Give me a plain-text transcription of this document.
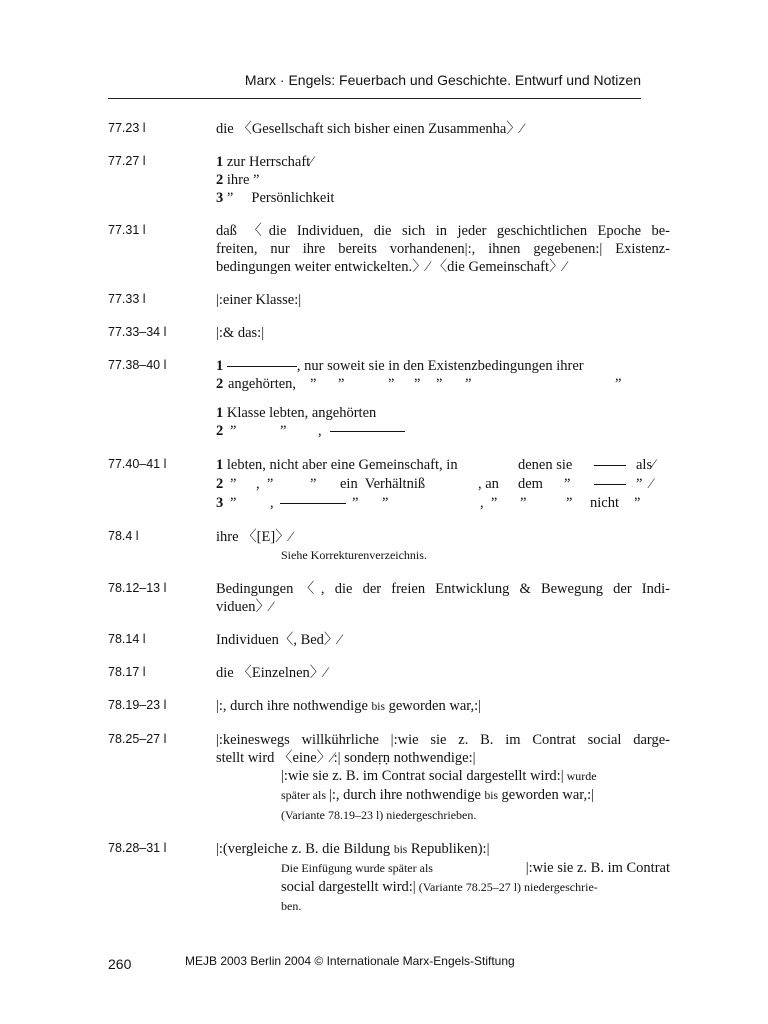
Marx · Engels: Feuerbach und Geschichte. Entwurf und Notizen
77.23 l	die 〈Gesellschaft sich bisher einen Zusammenha〉⁄
77.27 l	1 zur Herrschaft⁄
2 ihre ”
3 ”     Persönlichkeit
77.31 l	daß 〈die Individuen, die sich in jeder geschichtlichen Epoche be-
freiten, nur ihre bereits vorhandenen|:, ihnen gegebenen:| Existenz-
bedingungen weiter entwickelten.〉⁄ 〈die Gemeinschaft〉⁄
77.33 l	|:einer Klasse:|
77.33–34 l	|:& das:|
77.38–40 l	1	, nur soweit sie in den Existenzbedingungen ihrer
2	angehörten,	”	”	”	”	”	”	”
1 Klasse lebten, angehörten
2	”	”	,	
77.40–41 l	1 lebten, nicht aber eine Gemeinschaft, in	denen sie		als⁄
2	”	,  ”	”	ein  Verhältniß	, an	dem	”		”	⁄
3	”	,		”	”	,  ”	”	”	nicht	”
78.4 l	ihre 〈[E]〉⁄
Siehe Korrekturenverzeichnis.
78.12–13 l	Bedingungen〈, die der freien Entwicklung & Bewegung der Indi-
viduen〉⁄
78.14 l	Individuen〈, Bed〉⁄
78.17 l	die 〈Einzelnen〉⁄
78.19–23 l	|:, durch ihre nothwendige bis geworden war,:|
78.25–27 l	|:keineswegs willkührliche |:wie sie z. B. im Contrat social darge-
stellt wird 〈eine〉⁄:| sondeṛṇ nothwendige:|
|:wie sie z. B. im Contrat social dargestellt wird:| wurde
später als |:, durch ihre nothwendige bis geworden war,:|
(Variante 78.19–23 l) niedergeschrieben.
78.28–31 l	|:(vergleiche z. B. die Bildung bis Republiken):|
Die Einfügung wurde später als	|:wie sie z. B. im Contrat
social dargestellt wird:| (Variante 78.25–27 l) niedergeschrie-
ben.
260	MEJB 2003 Berlin 2004 © Internationale Marx-Engels-Stiftung
